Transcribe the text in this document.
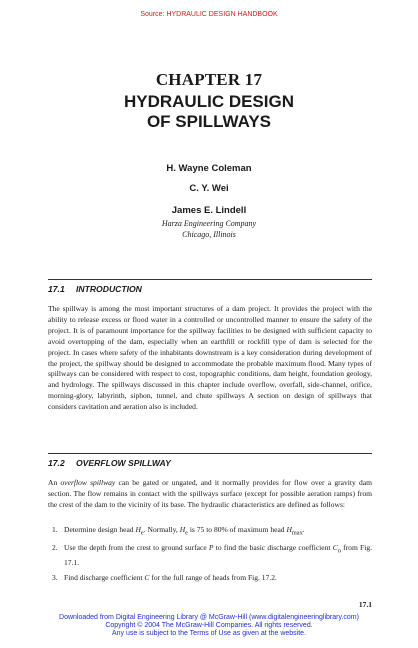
Source: HYDRAULIC DESIGN HANDBOOK
CHAPTER 17
HYDRAULIC DESIGN
OF SPILLWAYS
H. Wayne Coleman
C. Y. Wei
James E. Lindell
Harza Engineering Company
Chicago, Illinois
17.1 INTRODUCTION

The spillway is among the most important structures of a dam project. It provides the project with the ability to release excess or flood water in a controlled or uncontrolled manner to ensure the safety of the project. It is of paramount importance for the spillway facilities to be designed with sufficient capacity to avoid overtopping of the dam, especially when an earthfill or rockfill type of dam is selected for the project. In cases where safety of the inhabitants downstream is a key consideration during development of the project, the spillway should be designed to accommodate the probable maximum flood. Many types of spillways can be considered with respect to cost, topographic conditions, dam height, foundation geology, and hydrology. The spillways discussed in this chapter include overflow, overfall, side-channel, orifice, morning-glory, labyrinth, siphon, tunnel, and chute spillways A section on design of spillways that considers cavitation and aeration also is included.

17.2 OVERFLOW SPILLWAY

An overflow spillway can be gated or ungated, and it normally provides for flow over a gravity dam section. The flow remains in contact with the spillways surface (except for possible aeration ramps) from the crest of the dam to the vicinity of its base. The hydraulic characteristics are defined as follows:

1. Determine design head $H_e$. Normally, $H_e$ is 75 to 80% of maximum head $H_{max}$.
2. Use the depth from the crest to ground surface P to find the basic discharge coefficient $C_o$ from Fig. 17.1.
3. Find discharge coefficient C for the full range of heads from Fig. 17.2.
17.1
Downloaded from Digital Engineering Library @ McGraw-Hill (www.digitalengineeringlibrary.com)
Copyright © 2004 The McGraw-Hill Companies. All rights reserved.
Any use is subject to the Terms of Use as given at the website.
